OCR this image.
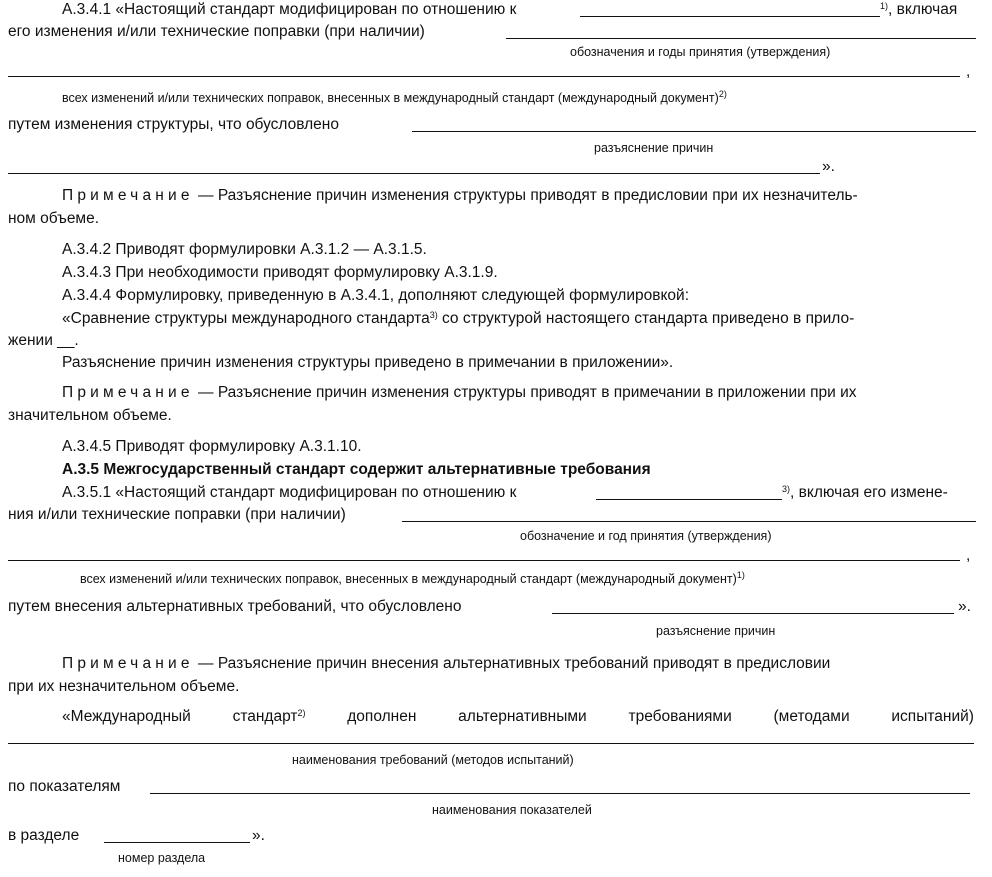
А.3.4.1 «Настоящий стандарт модифицирован по отношению к	$^{1)}$, включая
его изменения и/или технические поправки (при наличии)
обозначения и годы принятия (утверждения)
,
всех изменений и/или технических поправок, внесенных в международный стандарт (международный документ)$^{2)}$
путем изменения структуры, что обусловлено
разъяснение причин
».
Примечание — Разъяснение причин изменения структуры приводят в предисловии при их незначитель-
ном объеме.
А.3.4.2 Приводят формулировки А.3.1.2 — А.3.1.5.
А.3.4.3 При необходимости приводят формулировку А.3.1.9.
А.3.4.4 Формулировку, приведенную в А.3.4.1, дополняют следующей формулировкой:
«Сравнение структуры международного стандарта$^{3)}$ со структурой настоящего стандарта приведено в прило-
жении __.
Разъяснение причин изменения структуры приведено в примечании в приложении».
Примечание — Разъяснение причин изменения структуры приводят в примечании в приложении при их
значительном объеме.
А.3.4.5 Приводят формулировку А.3.1.10.
А.3.5 Межгосударственный стандарт содержит альтернативные требования
А.3.5.1 «Настоящий стандарт модифицирован по отношению к	$^{3)}$, включая его измене-
ния и/или технические поправки (при наличии)
обозначение и год принятия (утверждения)
,
всех изменений и/или технических поправок, внесенных в международный стандарт (международный документ)$^{1)}$
путем внесения альтернативных требований, что обусловлено	».
разъяснение причин
Примечание — Разъяснение причин внесения альтернативных требований приводят в предисловии
при их незначительном объеме.
«Международный	стандарт$^{2)}$	дополнен	альтернативными	требованиями	(методами	испытаний)
наименования требований (методов испытаний)
по показателям
наименования показателей
в разделе	».
номер раздела
